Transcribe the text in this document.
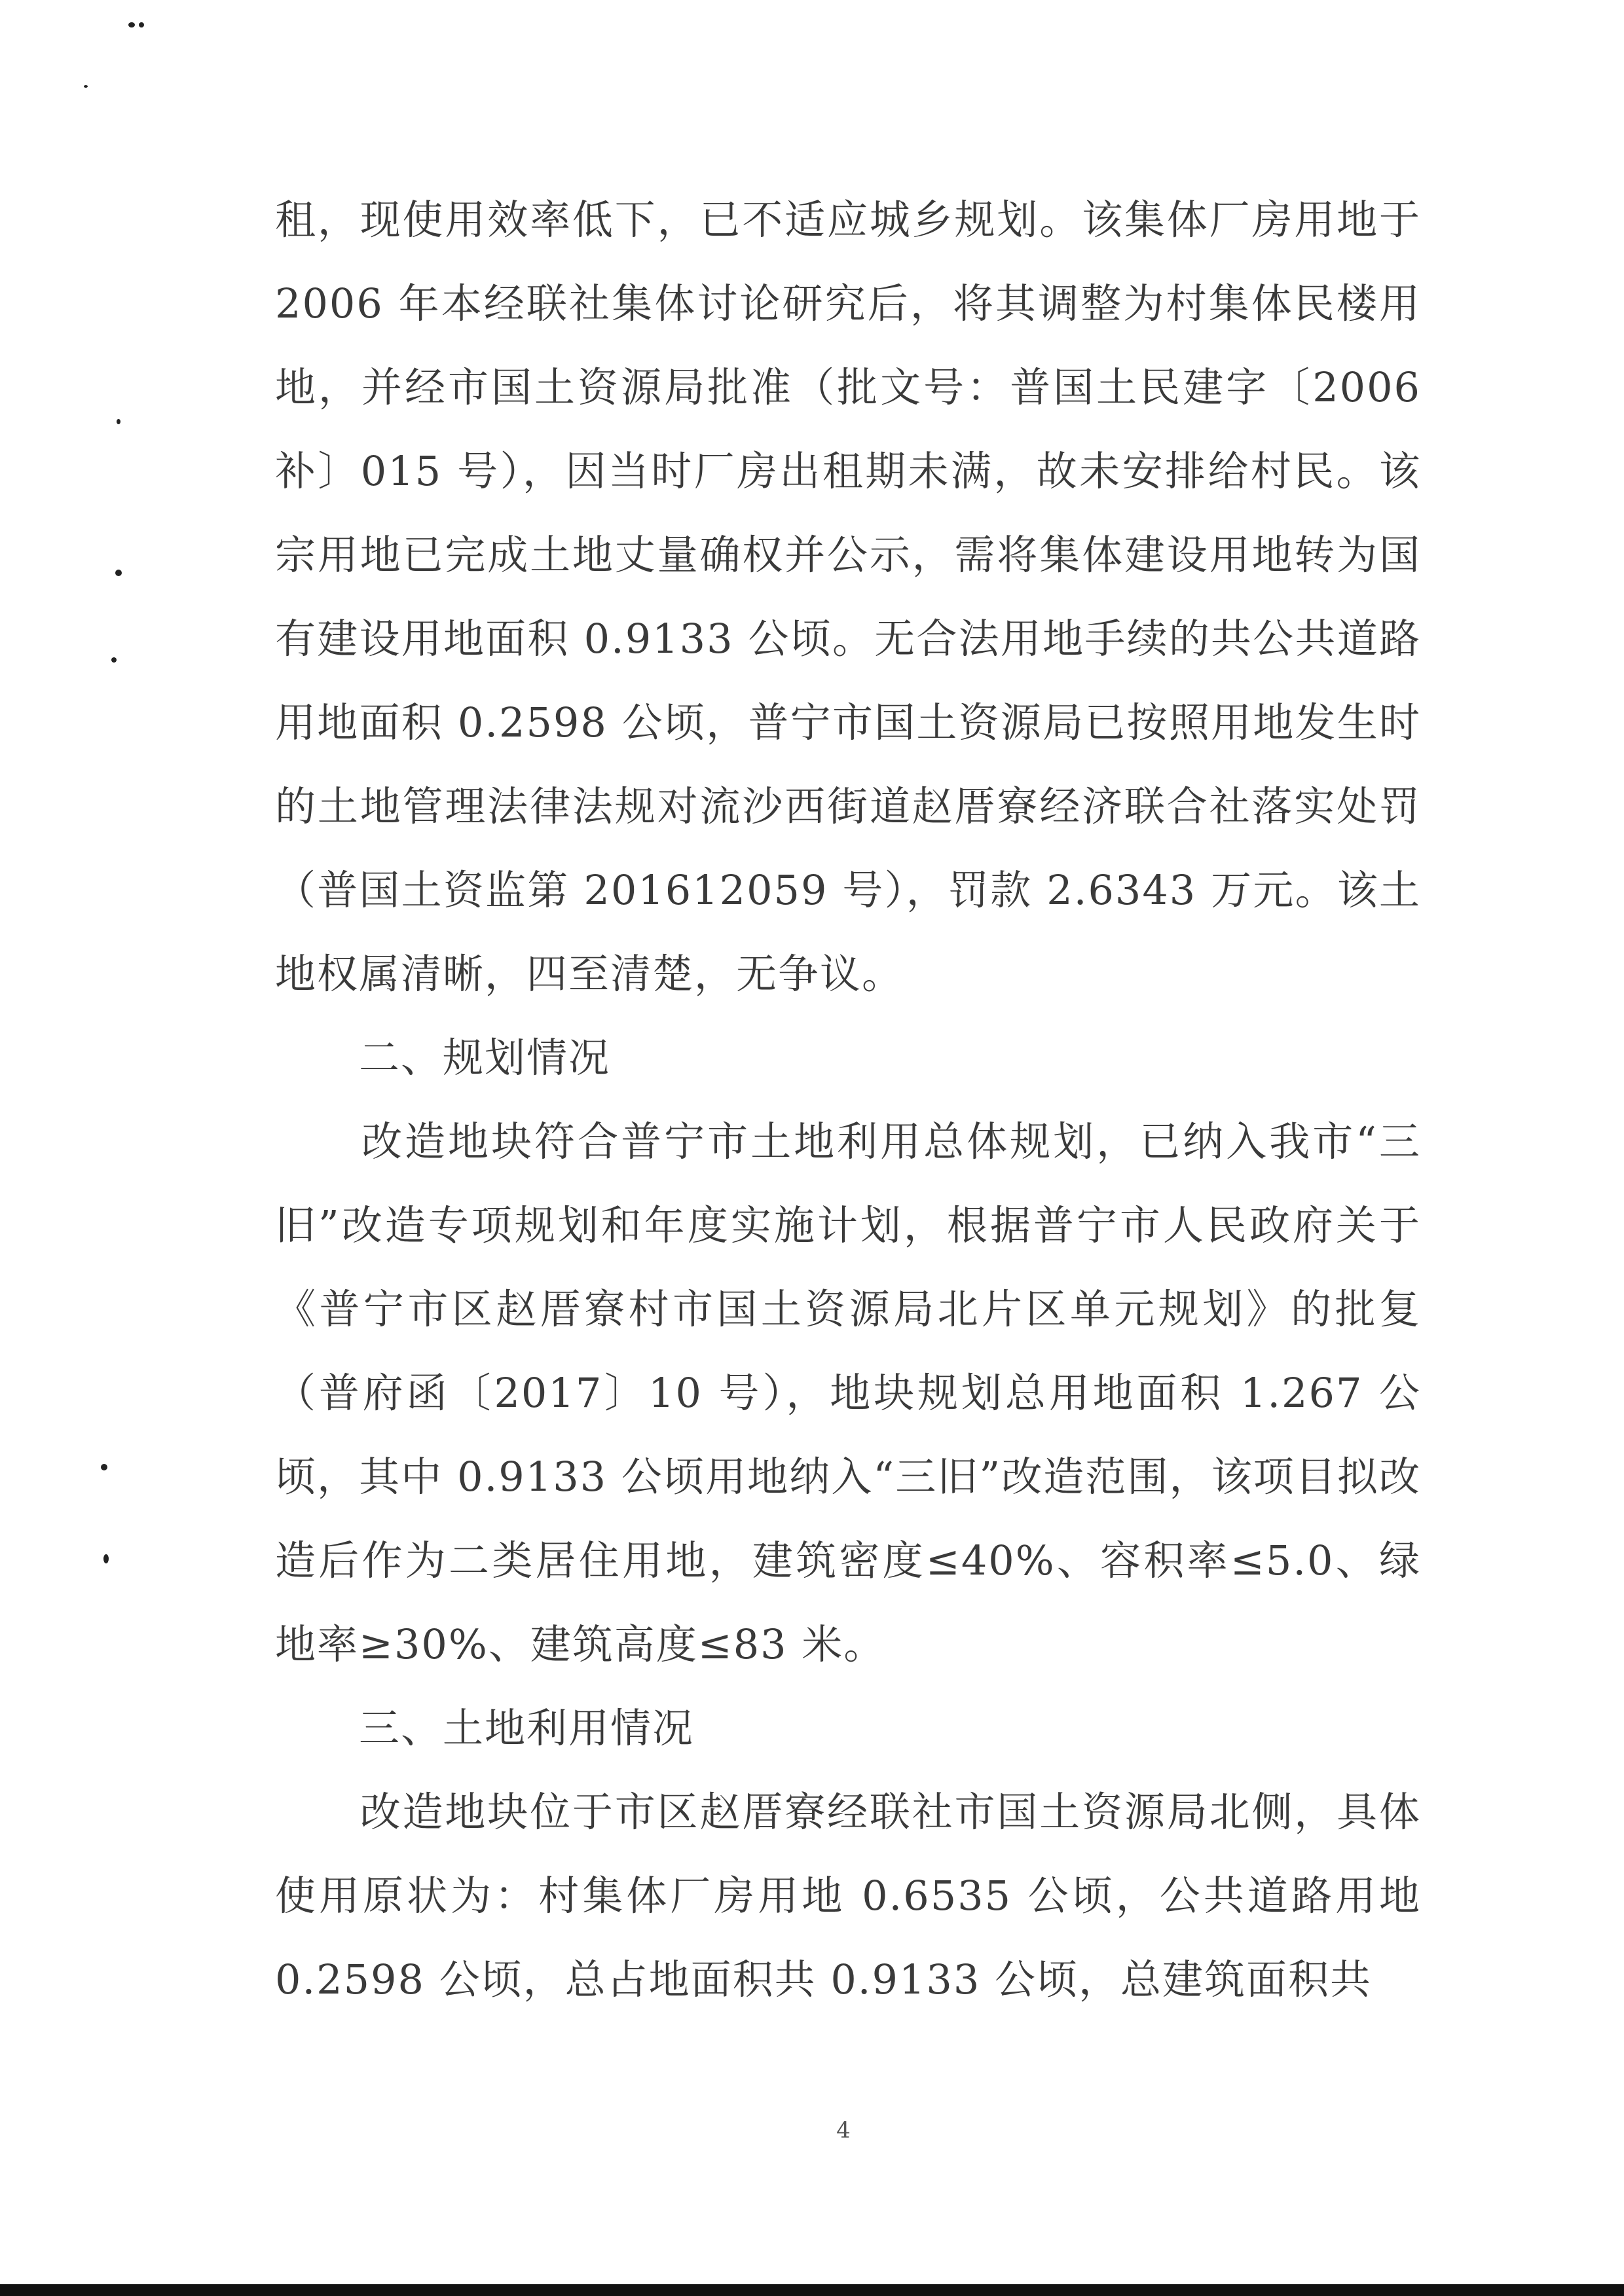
租，现使用效率低下，已不适应城乡规划。该集体厂房用地于 2006 年本经联社集体讨论研究后，将其调整为村集体民楼用地，并经市国土资源局批准（批文号：普国土民建字〔2006补〕015 号），因当时厂房出租期未满，故未安排给村民。该宗用地已完成土地丈量确权并公示，需将集体建设用地转为国有建设用地面积 0.9133 公顷。无合法用地手续的共公共道路用地面积 0.2598 公顷，普宁市国土资源局已按照用地发生时的土地管理法律法规对流沙西街道赵厝寮经济联合社落实处罚（普国土资监第 201612059 号），罚款 2.6343 万元。该土地权属清晰，四至清楚，无争议。

　　二、规划情况

　　改造地块符合普宁市土地利用总体规划，已纳入我市“三旧”改造专项规划和年度实施计划，根据普宁市人民政府关于《普宁市区赵厝寮村市国土资源局北片区单元规划》的批复（普府函〔2017〕10 号），地块规划总用地面积 1.267 公顷，其中 0.9133 公顷用地纳入“三旧”改造范围，该项目拟改造后作为二类居住用地，建筑密度≤40%、容积率≤5.0、绿地率≥30%、建筑高度≤83 米。

　　三、土地利用情况

　　改造地块位于市区赵厝寮经联社市国土资源局北侧，具体使用原状为：村集体厂房用地 0.6535 公顷，公共道路用地 0.2598 公顷，总占地面积共 0.9133 公顷，总建筑面积共

4
